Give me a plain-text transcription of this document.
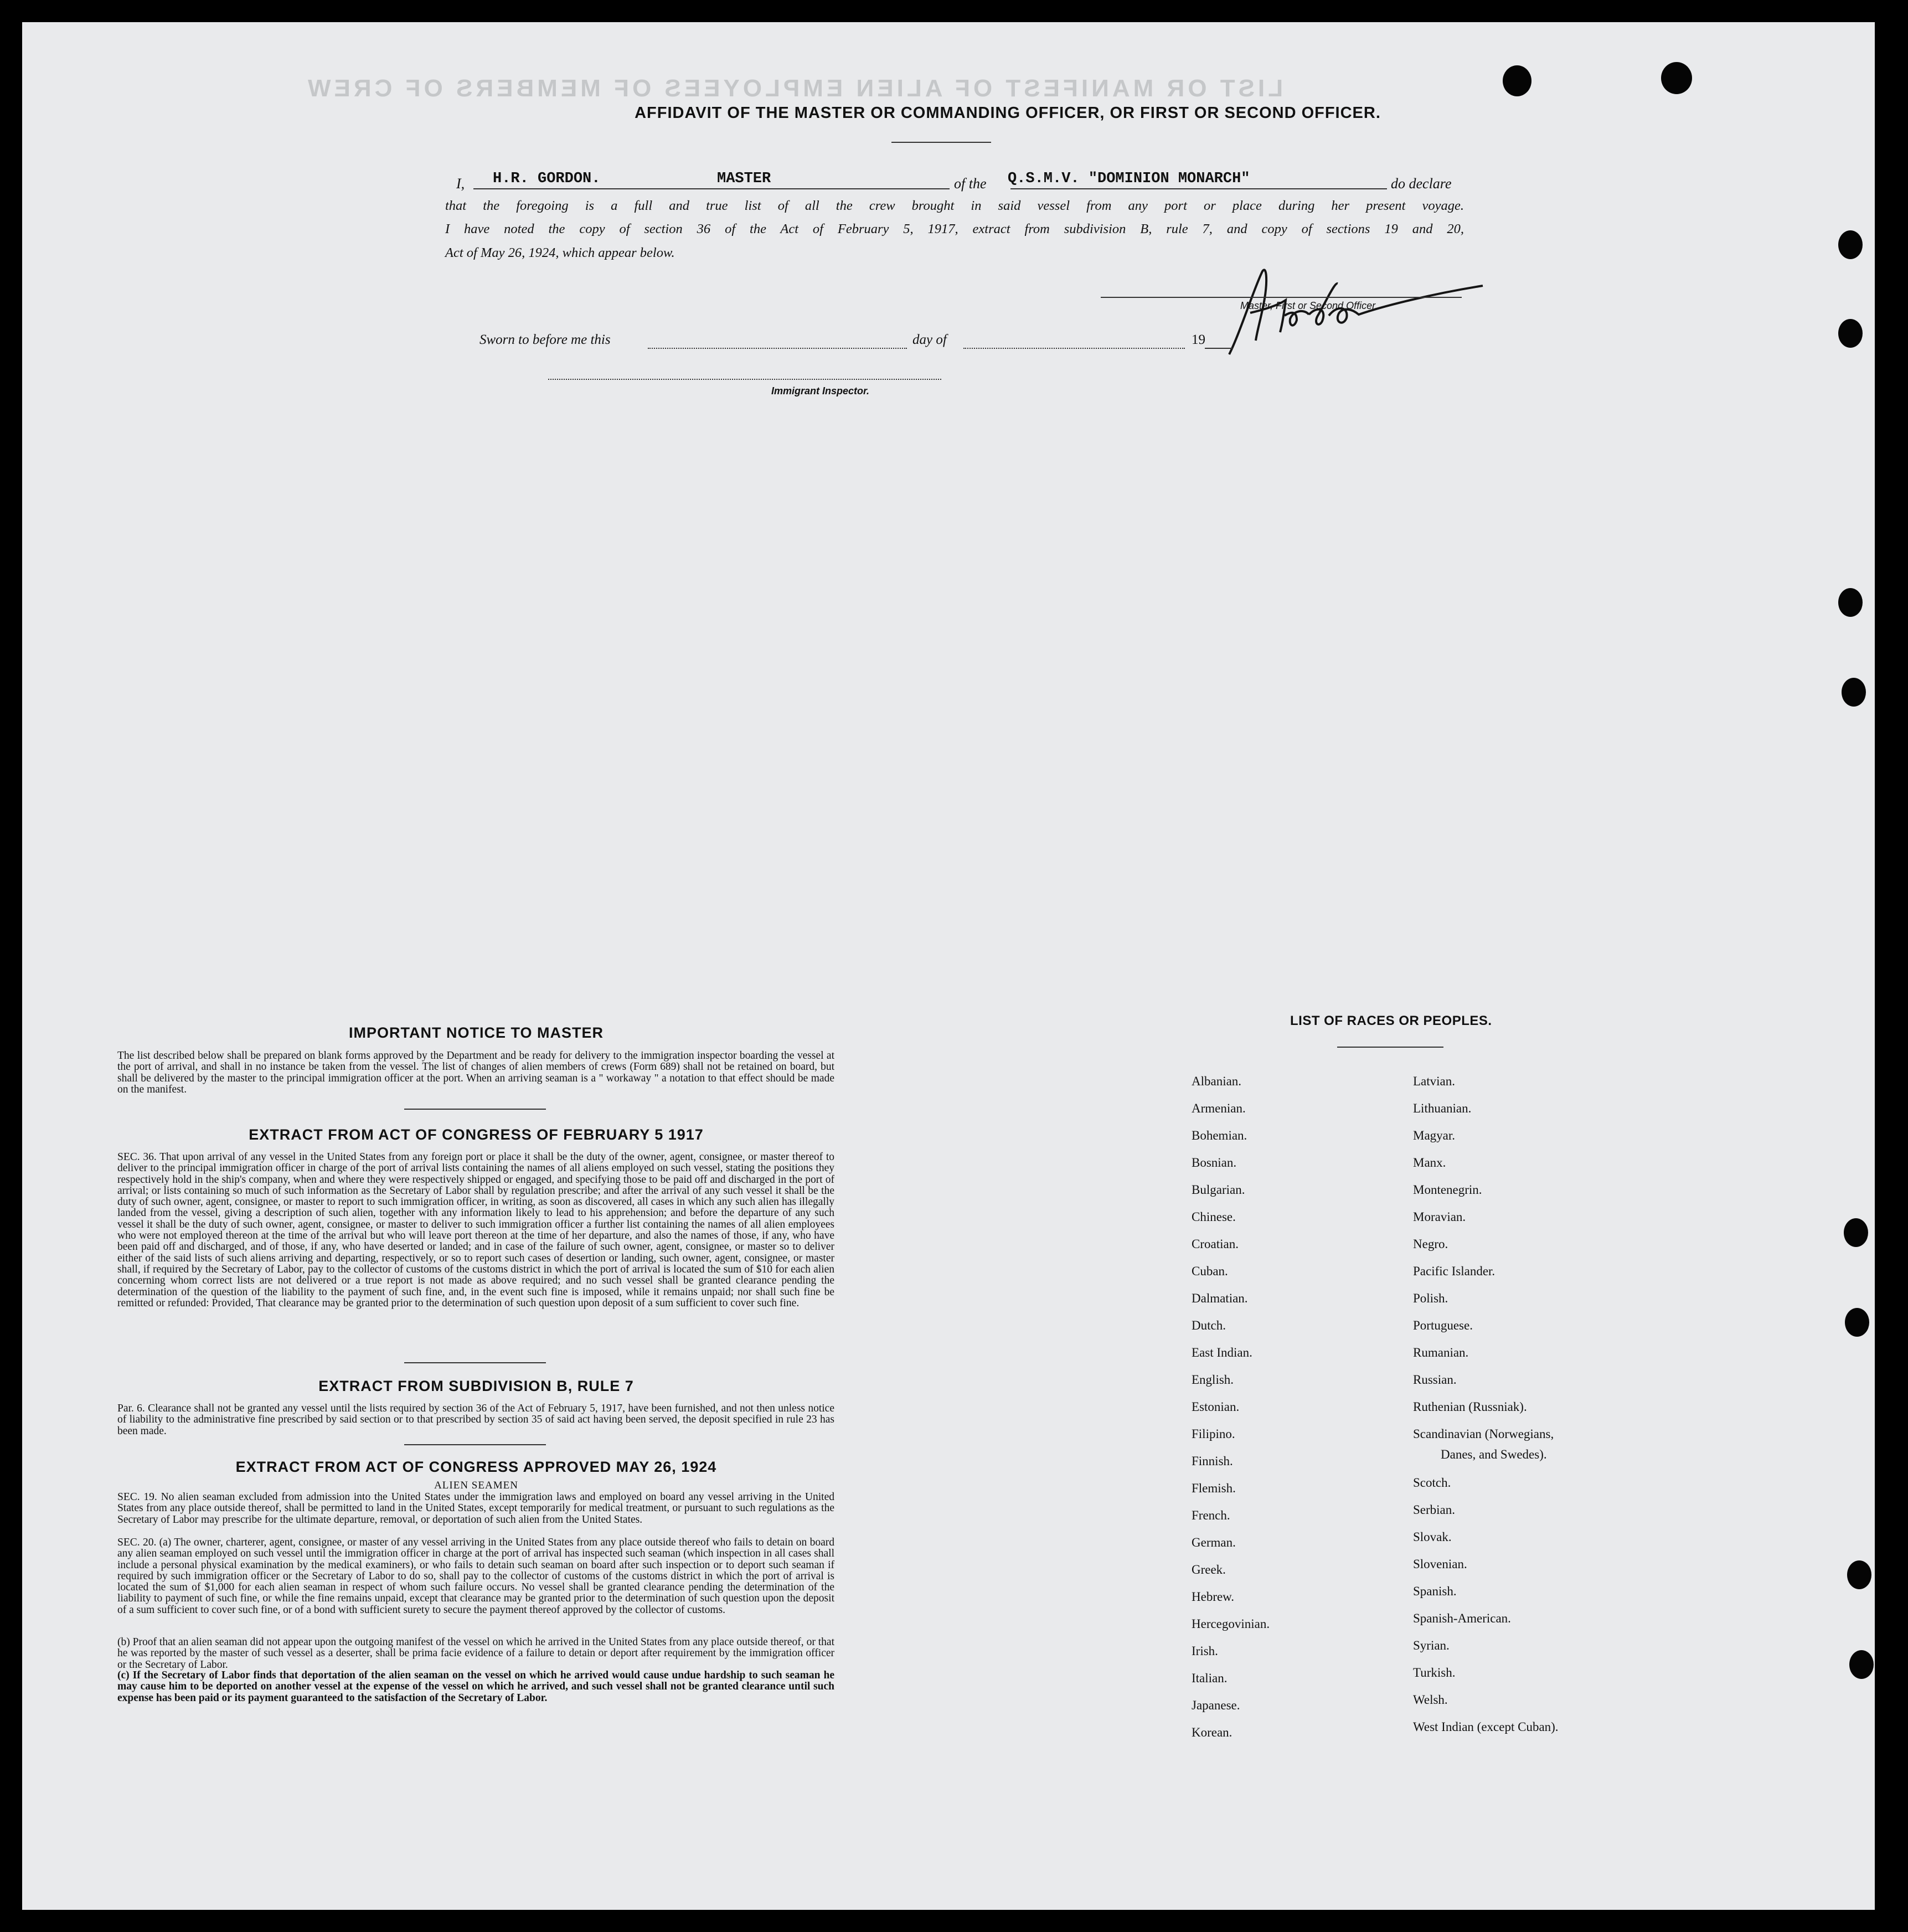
LIST OR MANIFEST OF ALIEN EMPLOYEES OF MEMBERS OF CREW
AFFIDAVIT OF THE MASTER OR COMMANDING OFFICER, OR FIRST OR SECOND OFFICER.
I, H.R. GORDON.	MASTER	of the Q.S.M.V. "DOMINION MONARCH"	do declare
that the foregoing is a full and true list of all the crew brought in said vessel from any port or place during her present voyage.
I have noted the copy of section 36 of the Act of February 5, 1917, extract from subdivision B, rule 7, and copy of sections 19 and 20,
Act of May 26, 1924, which appear below.
Master, First or Second Officer.
Sworn to before me this	day of	19
Immigrant Inspector.
IMPORTANT NOTICE TO MASTER
The list described below shall be prepared on blank forms approved by the Department and be ready for delivery to the immigration inspector boarding the vessel at the port of arrival, and shall in no instance be taken from the vessel. The list of changes of alien members of crews (Form 689) shall not be retained on board, but shall be delivered by the master to the principal immigration officer at the port. When an arriving seaman is a " workaway " a notation to that effect should be made on the manifest.
EXTRACT FROM ACT OF CONGRESS OF FEBRUARY 5 1917
SEC. 36. That upon arrival of any vessel in the United States from any foreign port or place it shall be the duty of the owner, agent, consignee, or master thereof to deliver to the principal immigration officer in charge of the port of arrival lists containing the names of all aliens employed on such vessel, stating the positions they respectively hold in the ship's company, when and where they were respectively shipped or engaged, and specifying those to be paid off and discharged in the port of arrival; or lists containing so much of such information as the Secretary of Labor shall by regulation prescribe; and after the arrival of any such vessel it shall be the duty of such owner, agent, consignee, or master to report to such immigration officer, in writing, as soon as discovered, all cases in which any such alien has illegally landed from the vessel, giving a description of such alien, together with any information likely to lead to his apprehension; and before the departure of any such vessel it shall be the duty of such owner, agent, consignee, or master to deliver to such immigration officer a further list containing the names of all alien employees who were not employed thereon at the time of the arrival but who will leave port thereon at the time of her departure, and also the names of those, if any, who have been paid off and discharged, and of those, if any, who have deserted or landed; and in case of the failure of such owner, agent, consignee, or master so to deliver either of the said lists of such aliens arriving and departing, respectively, or so to report such cases of desertion or landing, such owner, agent, consignee, or master shall, if required by the Secretary of Labor, pay to the collector of customs of the customs district in which the port of arrival is located the sum of $10 for each alien concerning whom correct lists are not delivered or a true report is not made as above required; and no such vessel shall be granted clearance pending the determination of the question of the liability to the payment of such fine, and, in the event such fine is imposed, while it remains unpaid; nor shall such fine be remitted or refunded: Provided, That clearance may be granted prior to the determination of such question upon deposit of a sum sufficient to cover such fine.
EXTRACT FROM SUBDIVISION B, RULE 7
Par. 6. Clearance shall not be granted any vessel until the lists required by section 36 of the Act of February 5, 1917, have been furnished, and not then unless notice of liability to the administrative fine prescribed by said section or to that prescribed by section 35 of said act having been served, the deposit specified in rule 23 has been made.
EXTRACT FROM ACT OF CONGRESS APPROVED MAY 26, 1924
ALIEN SEAMEN
SEC. 19. No alien seaman excluded from admission into the United States under the immigration laws and employed on board any vessel arriving in the United States from any place outside thereof, shall be permitted to land in the United States, except temporarily for medical treatment, or pursuant to such regulations as the Secretary of Labor may prescribe for the ultimate departure, removal, or deportation of such alien from the United States.
SEC. 20. (a) The owner, charterer, agent, consignee, or master of any vessel arriving in the United States from any place outside thereof who fails to detain on board any alien seaman employed on such vessel until the immigration officer in charge at the port of arrival has inspected such seaman (which inspection in all cases shall include a personal physical examination by the medical examiners), or who fails to detain such seaman on board after such inspection or to deport such seaman if required by such immigration officer or the Secretary of Labor to do so, shall pay to the collector of customs of the customs district in which the port of arrival is located the sum of $1,000 for each alien seaman in respect of whom such failure occurs. No vessel shall be granted clearance pending the determination of the liability to payment of such fine, or while the fine remains unpaid, except that clearance may be granted prior to the determination of such question upon the deposit of a sum sufficient to cover such fine, or of a bond with sufficient surety to secure the payment thereof approved by the collector of customs.
(b) Proof that an alien seaman did not appear upon the outgoing manifest of the vessel on which he arrived in the United States from any place outside thereof, or that he was reported by the master of such vessel as a deserter, shall be prima facie evidence of a failure to detain or deport after requirement by the immigration officer or the Secretary of Labor.
(c) If the Secretary of Labor finds that deportation of the alien seaman on the vessel on which he arrived would cause undue hardship to such seaman he may cause him to be deported on another vessel at the expense of the vessel on which he arrived, and such vessel shall not be granted clearance until such expense has been paid or its payment guaranteed to the satisfaction of the Secretary of Labor.
LIST OF RACES OR PEOPLES.
Albanian.
Armenian.
Bohemian.
Bosnian.
Bulgarian.
Chinese.
Croatian.
Cuban.
Dalmatian.
Dutch.
East Indian.
English.
Estonian.
Filipino.
Finnish.
Flemish.
French.
German.
Greek.
Hebrew.
Hercegovinian.
Irish.
Italian.
Japanese.
Korean.
Latvian.
Lithuanian.
Magyar.
Manx.
Montenegrin.
Moravian.
Negro.
Pacific Islander.
Polish.
Portuguese.
Rumanian.
Russian.
Ruthenian (Russniak).
Scandinavian (Norwegians,
Danes, and Swedes).
Scotch.
Serbian.
Slovak.
Slovenian.
Spanish.
Spanish-American.
Syrian.
Turkish.
Welsh.
West Indian (except Cuban).
